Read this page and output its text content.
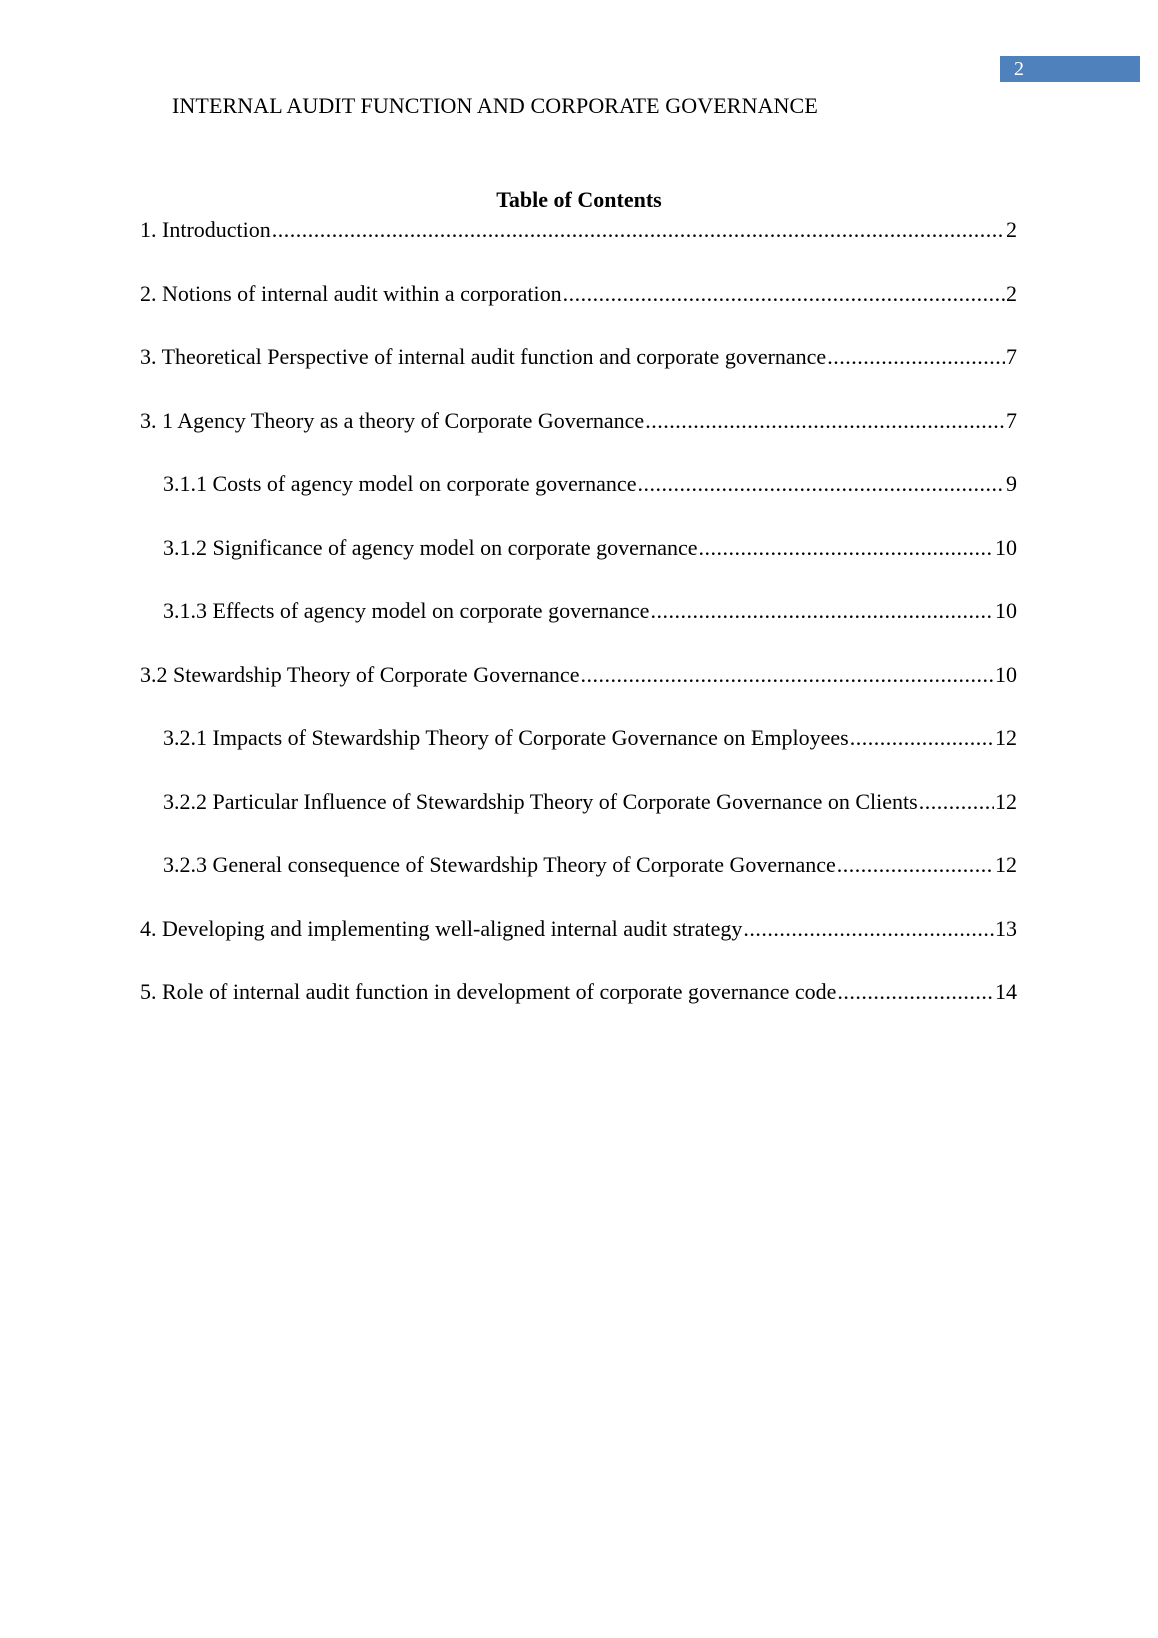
2
INTERNAL AUDIT FUNCTION AND CORPORATE GOVERNANCE
Table of Contents
1. Introduction .....	2
2. Notions of internal audit within a corporation .....	2
3. Theoretical Perspective of internal audit function and corporate governance .....	7
3. 1 Agency Theory as a theory of Corporate Governance .....	7
3.1.1 Costs of agency model on corporate governance .....	9
3.1.2 Significance of agency model on corporate governance .....	10
3.1.3 Effects of agency model on corporate governance .....	10
3.2 Stewardship Theory of Corporate Governance .....	10
3.2.1 Impacts of Stewardship Theory of Corporate Governance on Employees .....	12
3.2.2 Particular Influence of Stewardship Theory of Corporate Governance on Clients .....	12
3.2.3 General consequence of Stewardship Theory of Corporate Governance .....	12
4. Developing and implementing well-aligned internal audit strategy .....	13
5. Role of internal audit function in development of corporate governance code .....	14
